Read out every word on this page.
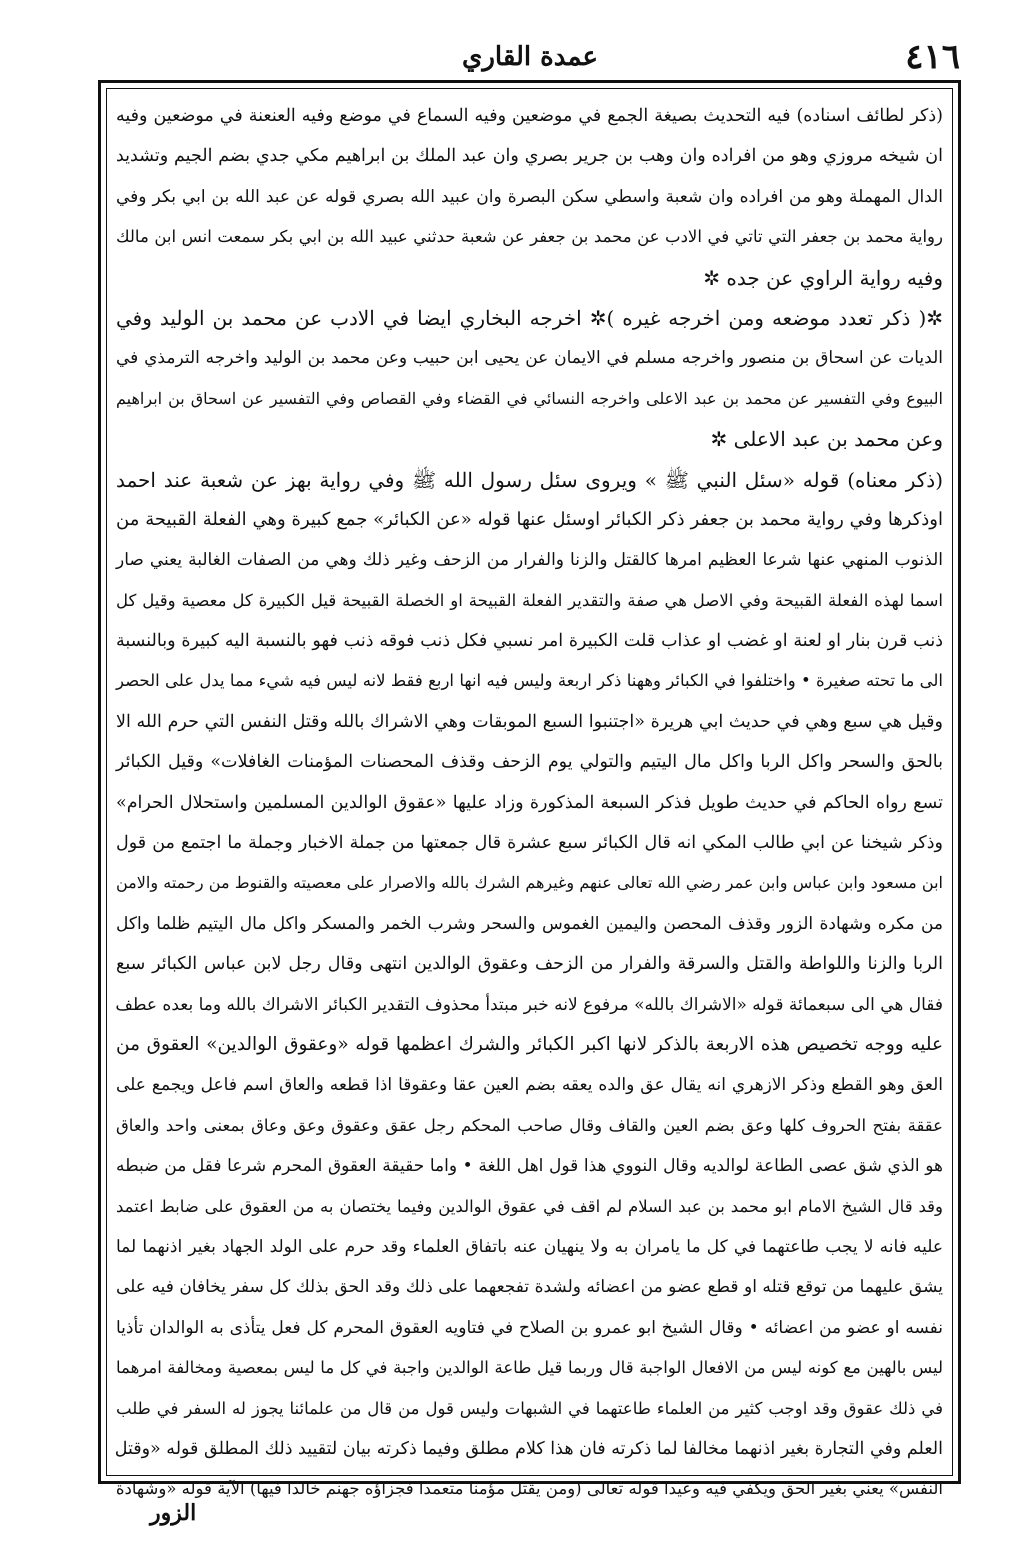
٤١٦
عمدة القاري
(ذكر لطائف اسناده) فيه التحديث بصيغة الجمع في موضعين وفيه السماع في موضع وفيه العنعنة في موضعين وفيه
ان شيخه مروزي وهو من افراده وان وهب بن جرير بصري وان عبد الملك بن ابراهيم مكي جدي بضم الجيم وتشديد
الدال المهملة وهو من افراده وان شعبة واسطي سكن البصرة وان عبيد الله بصري قوله عن عبد الله بن ابي بكر وفي
رواية محمد بن جعفر التي تاتي في الادب عن محمد بن جعفر عن شعبة حدثني عبيد الله بن ابي بكر سمعت انس ابن مالك
وفيه رواية الراوي عن جده ✲
✲( ذكر تعدد موضعه ومن اخرجه غيره )✲ اخرجه البخاري ايضا في الادب عن محمد بن الوليد وفي
الديات عن اسحاق بن منصور واخرجه مسلم في الايمان عن يحيى ابن حبيب وعن محمد بن الوليد واخرجه الترمذي في
البيوع وفي التفسير عن محمد بن عبد الاعلى واخرجه النسائي في القضاء وفي القصاص وفي التفسير عن اسحاق بن ابراهيم
وعن محمد بن عبد الاعلى ✲
(ذكر معناه) قوله «سئل النبي ﷺ » ويروى سئل رسول الله ﷺ وفي رواية بهز عن شعبة عند احمد
اوذكرها وفي رواية محمد بن جعفر ذكر الكبائر اوسئل عنها قوله «عن الكبائر» جمع كبيرة وهي الفعلة القبيحة من
الذنوب المنهي عنها شرعا العظيم امرها كالقتل والزنا والفرار من الزحف وغير ذلك وهي من الصفات الغالبة يعني صار
اسما لهذه الفعلة القبيحة وفي الاصل هي صفة والتقدير الفعلة القبيحة او الخصلة القبيحة قيل الكبيرة كل معصية وقيل كل
ذنب قرن بنار او لعنة او غضب او عذاب قلت الكبيرة امر نسبي فكل ذنب فوقه ذنب فهو بالنسبة اليه كبيرة وبالنسبة
الى ما تحته صغيرة • واختلفوا في الكبائر وههنا ذكر اربعة وليس فيه انها اربع فقط لانه ليس فيه شيء مما يدل على الحصر
وقيل هي سبع وهي في حديث ابي هريرة «اجتنبوا السبع الموبقات وهي الاشراك بالله وقتل النفس التي حرم الله الا
بالحق والسحر واكل الربا واكل مال اليتيم والتولي يوم الزحف وقذف المحصنات المؤمنات الغافلات» وقيل الكبائر
تسع رواه الحاكم في حديث طويل فذكر السبعة المذكورة وزاد عليها «عقوق الوالدين المسلمين واستحلال الحرام»
وذكر شيخنا عن ابي طالب المكي انه قال الكبائر سبع عشرة قال جمعتها من جملة الاخبار وجملة ما اجتمع من قول
ابن مسعود وابن عباس وابن عمر رضي الله تعالى عنهم وغيرهم الشرك بالله والاصرار على معصيته والقنوط من رحمته والامن
من مكره وشهادة الزور وقذف المحصن واليمين الغموس والسحر وشرب الخمر والمسكر واكل مال اليتيم ظلما واكل
الربا والزنا واللواطة والقتل والسرقة والفرار من الزحف وعقوق الوالدين انتهى وقال رجل لابن عباس الكبائر سبع
فقال هي الى سبعمائة قوله «الاشراك بالله» مرفوع لانه خبر مبتدأ محذوف التقدير الكبائر الاشراك بالله وما بعده عطف
عليه ووجه تخصيص هذه الاربعة بالذكر لانها اكبر الكبائر والشرك اعظمها قوله «وعقوق الوالدين» العقوق من
العق وهو القطع وذكر الازهري انه يقال عق والده يعقه بضم العين عقا وعقوقا اذا قطعه والعاق اسم فاعل ويجمع على
عققة بفتح الحروف كلها وعق بضم العين والقاف وقال صاحب المحكم رجل عقق وعقوق وعق وعاق بمعنى واحد والعاق
هو الذي شق عصى الطاعة لوالديه وقال النووي هذا قول اهل اللغة • واما حقيقة العقوق المحرم شرعا فقل من ضبطه
وقد قال الشيخ الامام ابو محمد بن عبد السلام لم اقف في عقوق الوالدين وفيما يختصان به من العقوق على ضابط اعتمد
عليه فانه لا يجب طاعتهما في كل ما يامران به ولا ينهيان عنه باتفاق العلماء وقد حرم على الولد الجهاد بغير اذنهما لما
يشق عليهما من توقع قتله او قطع عضو من اعضائه ولشدة تفجعهما على ذلك وقد الحق بذلك كل سفر يخافان فيه على
نفسه او عضو من اعضائه • وقال الشيخ ابو عمرو بن الصلاح في فتاويه العقوق المحرم كل فعل يتأذى به الوالدان تأذيا
ليس بالهين مع كونه ليس من الافعال الواجبة قال وربما قيل طاعة الوالدين واجبة في كل ما ليس بمعصية ومخالفة امرهما
في ذلك عقوق وقد اوجب كثير من العلماء طاعتهما في الشبهات وليس قول من قال من علمائنا يجوز له السفر في طلب
العلم وفي التجارة بغير اذنهما مخالفا لما ذكرته فان هذا كلام مطلق وفيما ذكرته بيان لتقييد ذلك المطلق قوله «وقتل
النفس» يعني بغير الحق ويكفي فيه وعيدا قوله تعالى (ومن يقتل مؤمنا متعمدا فجزاؤه جهنم خالدا فيها) الآية قوله «وشهادة
الزور
